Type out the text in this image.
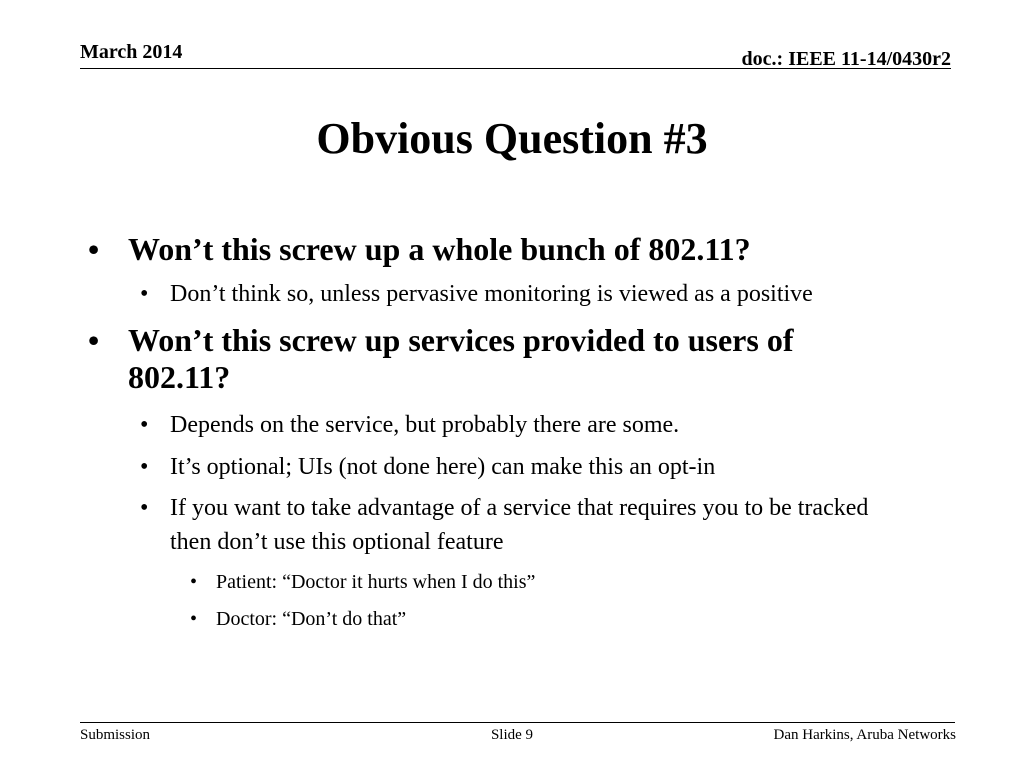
March 2014	doc.: IEEE 11-14/0430r2
Obvious Question #3
• Won’t this screw up a whole bunch of 802.11?
• Don’t think so, unless pervasive monitoring is viewed as a positive
• Won’t this screw up services provided to users of 802.11?
• Depends on the service, but probably there are some.
• It’s optional; UIs (not done here) can make this an opt-in
• If you want to take advantage of a service that requires you to be tracked then don’t use this optional feature
• Patient: “Doctor it hurts when I do this”
• Doctor: “Don’t do that”
Submission	Slide 9	Dan Harkins, Aruba Networks
